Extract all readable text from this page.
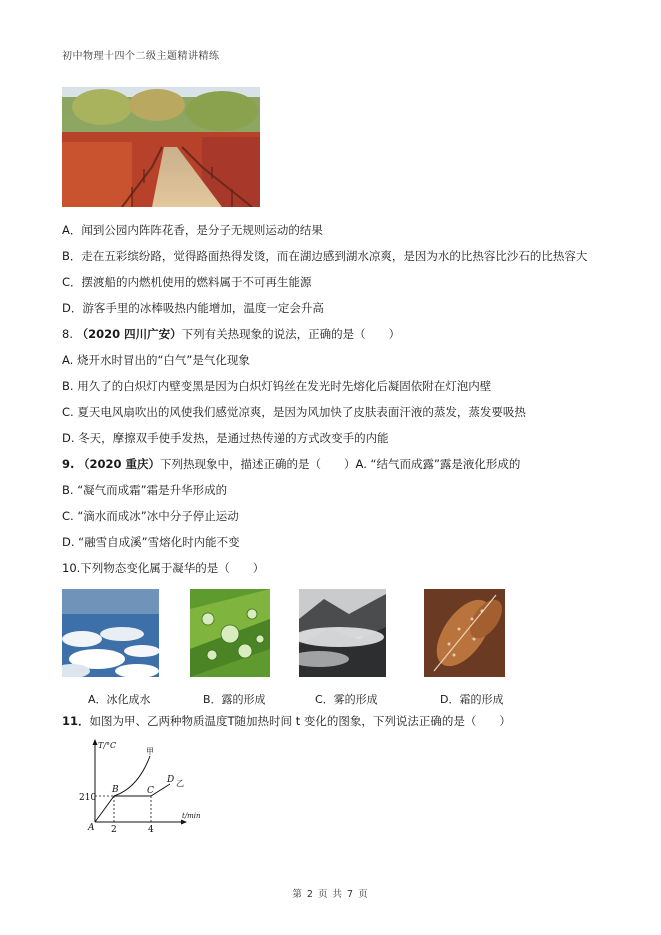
初中物理十四个二级主题精讲精练
A．闻到公园内阵阵花香，是分子无规则运动的结果
B．走在五彩缤纷路，觉得路面热得发烫，而在湖边感到湖水凉爽，是因为水的比热容比沙石的比热容大
C．摆渡船的内燃机使用的燃料属于不可再生能源
D．游客手里的冰棒吸热内能增加，温度一定会升高
8. （2020 四川广安）下列有关热现象的说法，正确的是（　　）
A. 烧开水时冒出的“白气”是气化现象
B. 用久了的白炽灯内壁变黑是因为白炽灯钨丝在发光时先熔化后凝固依附在灯泡内壁
C. 夏天电风扇吹出的风使我们感觉凉爽，是因为风加快了皮肤表面汗液的蒸发，蒸发要吸热
D. 冬天，摩擦双手使手发热，是通过热传递的方式改变手的内能
9. （2020 重庆）下列热现象中，描述正确的是（　　）A. “结气而成露”露是液化形成的
B. “凝气而成霜”霜是升华形成的
C. “滴水而成冰”冰中分子停止运动
D. “融雪自成溪”雪熔化时内能不变
10.下列物态变化属于凝华的是（　　）
A．冰化成水	B．露的形成	C．雾的形成	D．霜的形成
11．如图为甲、乙两种物质温度T随加热时间 t 变化的图象，下列说法正确的是（　　）
210
2	4
T/°C
t/min
A
B	C
D
甲
乙
第 2 页 共 7 页
